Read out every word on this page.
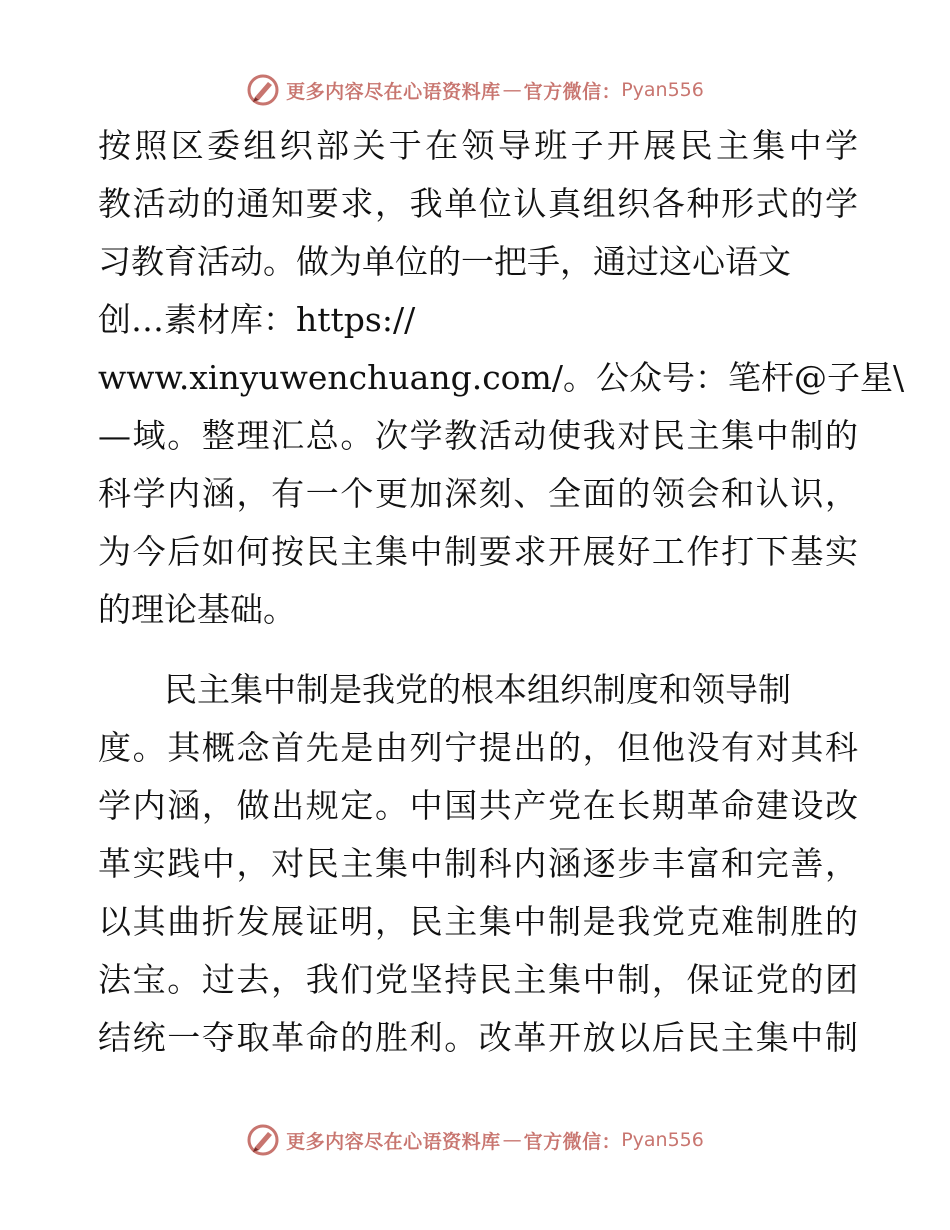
更多内容尽在心语资料库 — 官方微信： Pyan556
按照区委组织部关于在领导班子开展民主集中学
教活动的通知要求，我单位认真组织各种形式的学
习教育活动。做为单位的一把手，通过这心语文
创…素材库：https://
www.xinyuwenchuang.com/。公众号：笔杆@子星\
—域。整理汇总。次学教活动使我对民主集中制的
科学内涵，有一个更加深刻、全面的领会和认识，
为今后如何按民主集中制要求开展好工作打下基实
的理论基础。
　　民主集中制是我党的根本组织制度和领导制
度。其概念首先是由列宁提出的，但他没有对其科
学内涵，做出规定。中国共产党在长期革命建设改
革实践中，对民主集中制科内涵逐步丰富和完善，
以其曲折发展证明，民主集中制是我党克难制胜的
法宝。过去，我们党坚持民主集中制，保证党的团
结统一夺取革命的胜利。改革开放以后民主集中制
更多内容尽在心语资料库 — 官方微信： Pyan556
